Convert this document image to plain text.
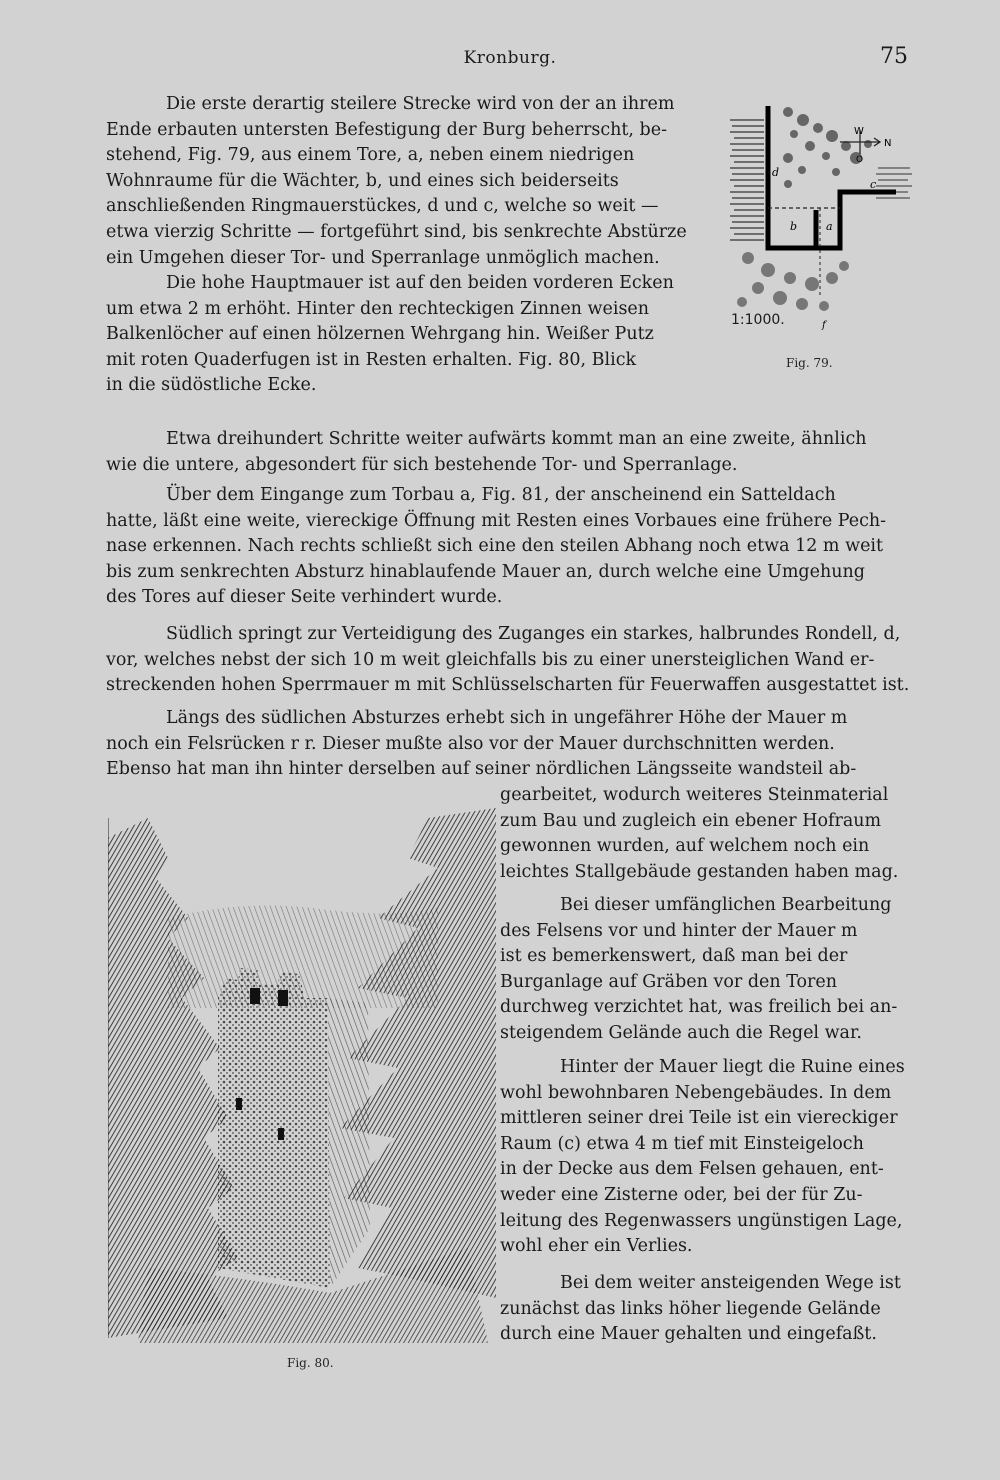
Kronburg.	75

Die erste derartig steilere Strecke wird von der an ihrem
Ende erbauten untersten Befestigung der Burg beherrscht, be-
stehend, Fig. 79, aus einem Tore, a, neben einem niedrigen
Wohnraume für die Wächter, b, und eines sich beiderseits
anschließenden Ringmauerstückes, d und c, welche so weit —
etwa vierzig Schritte — fortgeführt sind, bis senkrechte Abstürze
ein Umgehen dieser Tor- und Sperranlage unmöglich machen.

Die hohe Hauptmauer ist auf den beiden vorderen Ecken
um etwa 2 m erhöht. Hinter den rechteckigen Zinnen weisen
Balkenlöcher auf einen hölzernen Wehrgang hin. Weißer Putz
mit roten Quaderfugen ist in Resten erhalten. Fig. 80, Blick
in die südöstliche Ecke.

Etwa dreihundert Schritte weiter aufwärts kommt man an eine zweite, ähnlich
wie die untere, abgesondert für sich bestehende Tor- und Sperranlage.

Über dem Eingange zum Torbau a, Fig. 81, der anscheinend ein Satteldach
hatte, läßt eine weite, viereckige Öffnung mit Resten eines Vorbaues eine frühere Pech-
nase erkennen. Nach rechts schließt sich eine den steilen Abhang noch etwa 12 m weit
bis zum senkrechten Absturz hinablaufende Mauer an, durch welche eine Umgehung
des Tores auf dieser Seite verhindert wurde.

Südlich springt zur Verteidigung des Zuganges ein starkes, halbrundes Rondell, d,
vor, welches nebst der sich 10 m weit gleichfalls bis zu einer unersteiglichen Wand er-
streckenden hohen Sperrmauer m mit Schlüsselscharten für Feuerwaffen ausgestattet ist.

Längs des südlichen Absturzes erhebt sich in ungefährer Höhe der Mauer m
noch ein Felsrücken r r. Dieser mußte also vor der Mauer durchschnitten werden.
Ebenso hat man ihn hinter derselben auf seiner nördlichen Längsseite wandsteil ab-

gearbeitet, wodurch weiteres Steinmaterial
zum Bau und zugleich ein ebener Hofraum
gewonnen wurden, auf welchem noch ein
leichtes Stallgebäude gestanden haben mag.

Bei dieser umfänglichen Bearbeitung
des Felsens vor und hinter der Mauer m
ist es bemerkenswert, daß man bei der
Burganlage auf Gräben vor den Toren
durchweg verzichtet hat, was freilich bei an-
steigendem Gelände auch die Regel war.

Hinter der Mauer liegt die Ruine eines
wohl bewohnbaren Nebengebäudes. In dem
mittleren seiner drei Teile ist ein viereckiger
Raum (c) etwa 4 m tief mit Einsteigeloch
in der Decke aus dem Felsen gehauen, ent-
weder eine Zisterne oder, bei der für Zu-
leitung des Regenwassers ungünstigen Lage,
wohl eher ein Verlies.

Bei dem weiter ansteigenden Wege ist
zunächst das links höher liegende Gelände
durch eine Mauer gehalten und eingefaßt.

W
N
O
d
c
b	a
f
1:1000.
Fig. 79.
Fig. 80.
